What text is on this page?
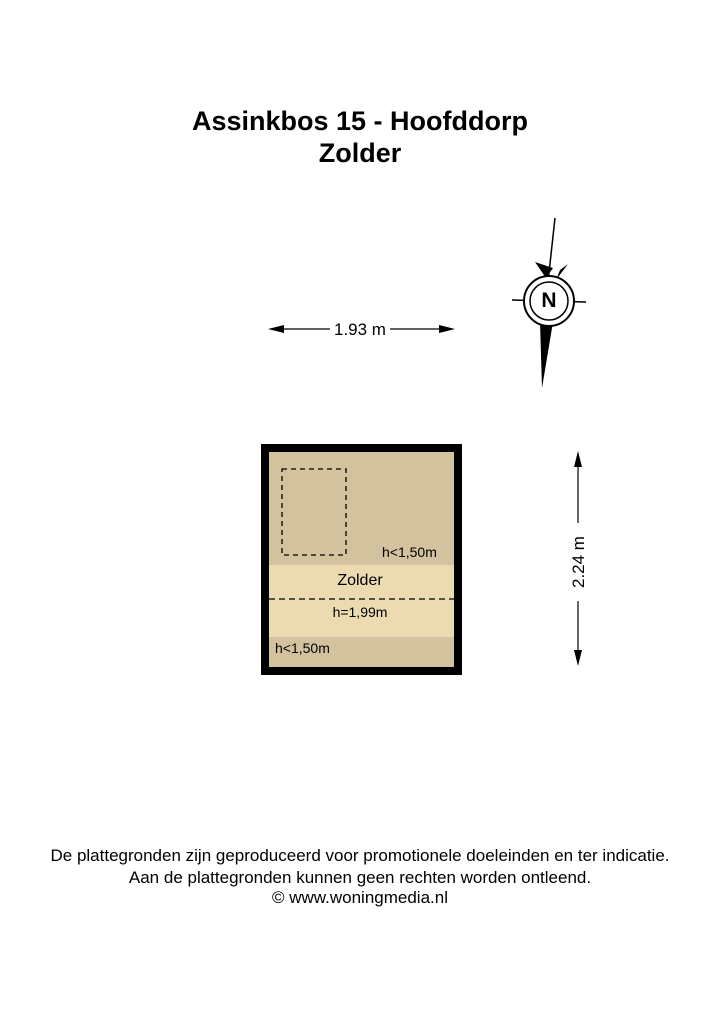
Assinkbos 15 - Hoofddorp
Zolder
N
1.93 m
2.24 m
h<1,50m
Zolder
h=1,99m
h<1,50m
De plattegronden zijn geproduceerd voor promotionele doeleinden en ter indicatie.
Aan de plattegronden kunnen geen rechten worden ontleend.
© www.woningmedia.nl
